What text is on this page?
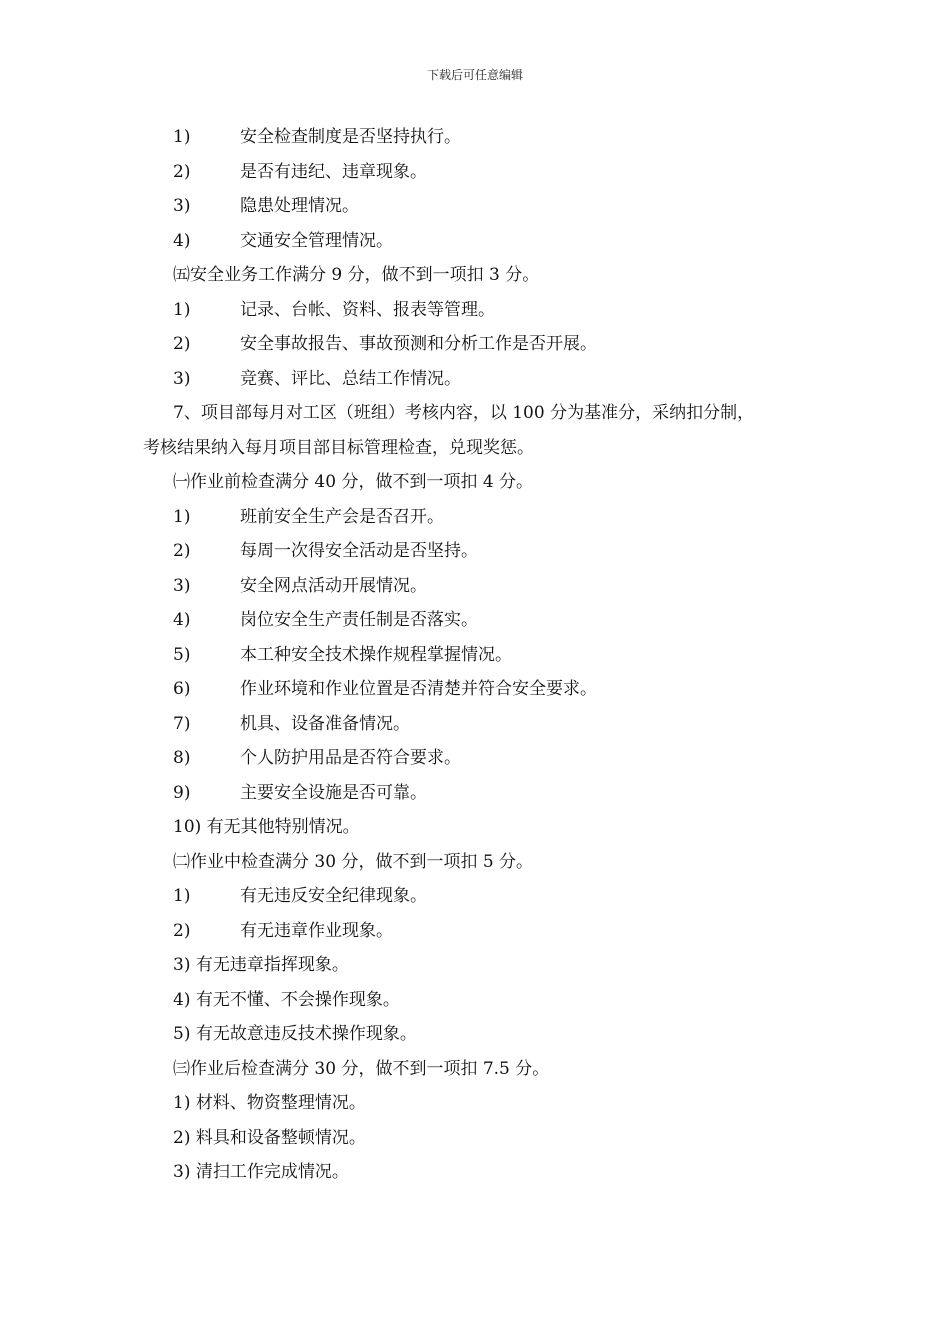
下载后可任意编辑
1)	安全检查制度是否坚持执行。
2)	是否有违纪、违章现象。
3)	隐患处理情况。
4)	交通安全管理情况。
㈤安全业务工作满分 9 分，做不到一项扣 3 分。
1)	记录、台帐、资料、报表等管理。
2)	安全事故报告、事故预测和分析工作是否开展。
3)	竞赛、评比、总结工作情况。
7、项目部每月对工区（班组）考核内容，以 100 分为基准分，采纳扣分制，
考核结果纳入每月项目部目标管理检查，兑现奖惩。
㈠作业前检查满分 40 分，做不到一项扣 4 分。
1)	班前安全生产会是否召开。
2)	每周一次得安全活动是否坚持。
3)	安全网点活动开展情况。
4)	岗位安全生产责任制是否落实。
5)	本工种安全技术操作规程掌握情况。
6)	作业环境和作业位置是否清楚并符合安全要求。
7)	机具、设备准备情况。
8)	个人防护用品是否符合要求。
9)	主要安全设施是否可靠。
10) 有无其他特别情况。
㈡作业中检查满分 30 分，做不到一项扣 5 分。
1)	有无违反安全纪律现象。
2)	有无违章作业现象。
3) 有无违章指挥现象。
4) 有无不懂、不会操作现象。
5) 有无故意违反技术操作现象。
㈢作业后检查满分 30 分，做不到一项扣 7.5 分。
1) 材料、物资整理情况。
2) 料具和设备整顿情况。
3) 清扫工作完成情况。
